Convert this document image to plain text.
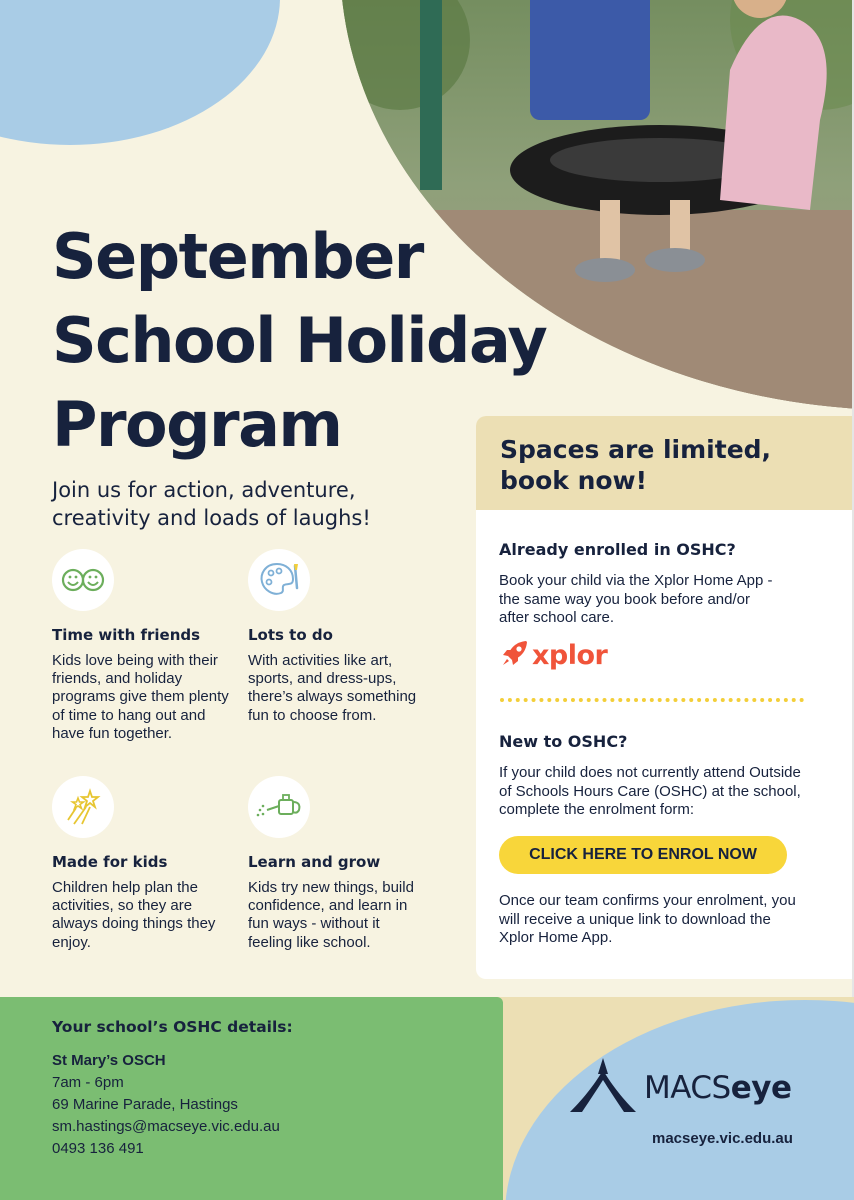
September
School Holiday
Program
Join us for action, adventure, creativity and loads of laughs!
Time with friends
Kids love being with their friends, and holiday programs give them plenty of time to hang out and have fun together.
Lots to do
With activities like art, sports, and dress-ups, there’s always something fun to choose from.
Made for kids
Children help plan the activities, so they are always doing things they enjoy.
Learn and grow
Kids try new things, build confidence, and learn in fun ways - without it feeling like school.
Spaces are limited,
book now!
Already enrolled in OSHC?
Book your child via the Xplor Home App - the same way you book before and/or after school care.
xplor
New to OSHC?
If your child does not currently attend Outside of Schools Hours Care (OSHC) at the school, complete the enrolment form:
CLICK HERE TO ENROL NOW
Once our team confirms your enrolment, you will receive a unique link to download the Xplor Home App.
Your school’s OSHC details:
St Mary’s OSCH
7am - 6pm
69 Marine Parade, Hastings
sm.hastings@macseye.vic.edu.au
0493 136 491
MACSeye
macseye.vic.edu.au
